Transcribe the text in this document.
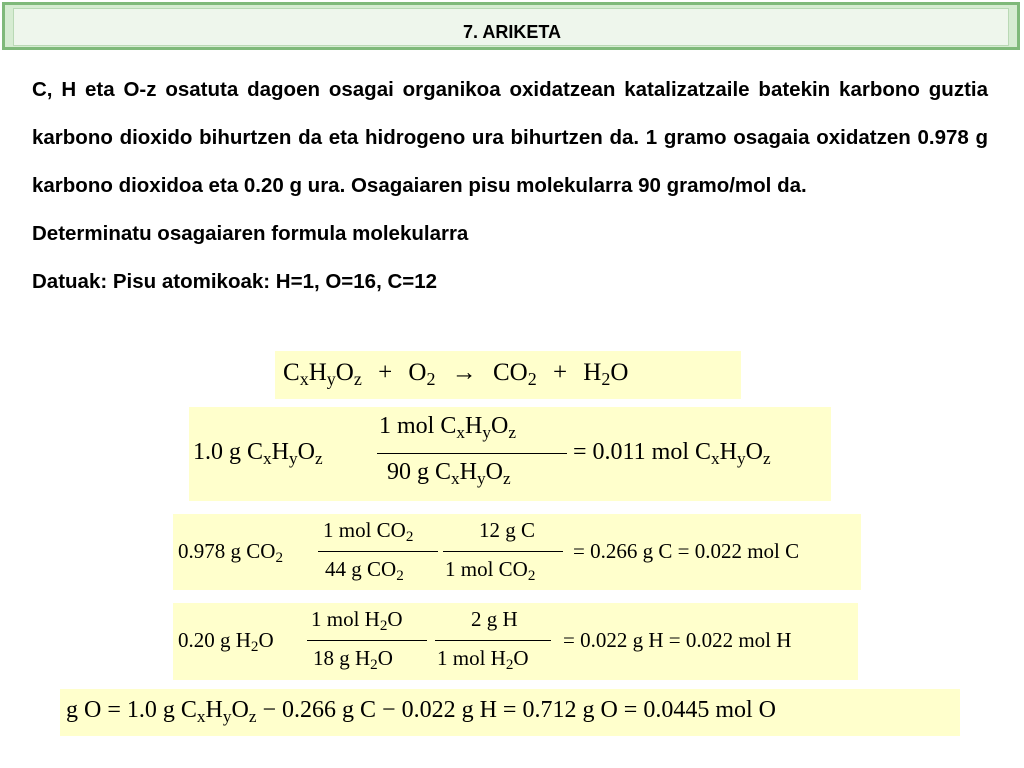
7. ARIKETA

C, H eta O-z osatuta dagoen osagai organikoa oxidatzean katalizatzaile batekin karbono guztia karbono dioxido bihurtzen da eta hidrogeno ura bihurtzen da. 1 gramo osagaia oxidatzen 0.978 g karbono dioxidoa eta 0.20 g ura. Osagaiaren pisu molekularra 90 gramo/mol da.

Determinatu osagaiaren formula molekularra

Datuak: Pisu atomikoak: H=1, O=16, C=12

$C_xH_yO_z + O_2 \to CO_2 + H_2O$
1.0 g $C_xH_yO_z$
1 mol $C_xH_yO_z$
90 g $C_xH_yO_z$
= 0.011 mol $C_xH_yO_z$
0.978 g $CO_2$
1 mol $CO_2$
44 g $CO_2$
12 g C
1 mol $CO_2$
= 0.266 g C = 0.022 mol C
0.20 g $H_2O$
1 mol $H_2O$
18 g $H_2O$
2 g H
1 mol $H_2O$
= 0.022 g H = 0.022 mol H
g O = 1.0 g $C_xH_yO_z - 0.266$ g C − 0.022 g H = 0.712 g O = 0.0445 mol O
